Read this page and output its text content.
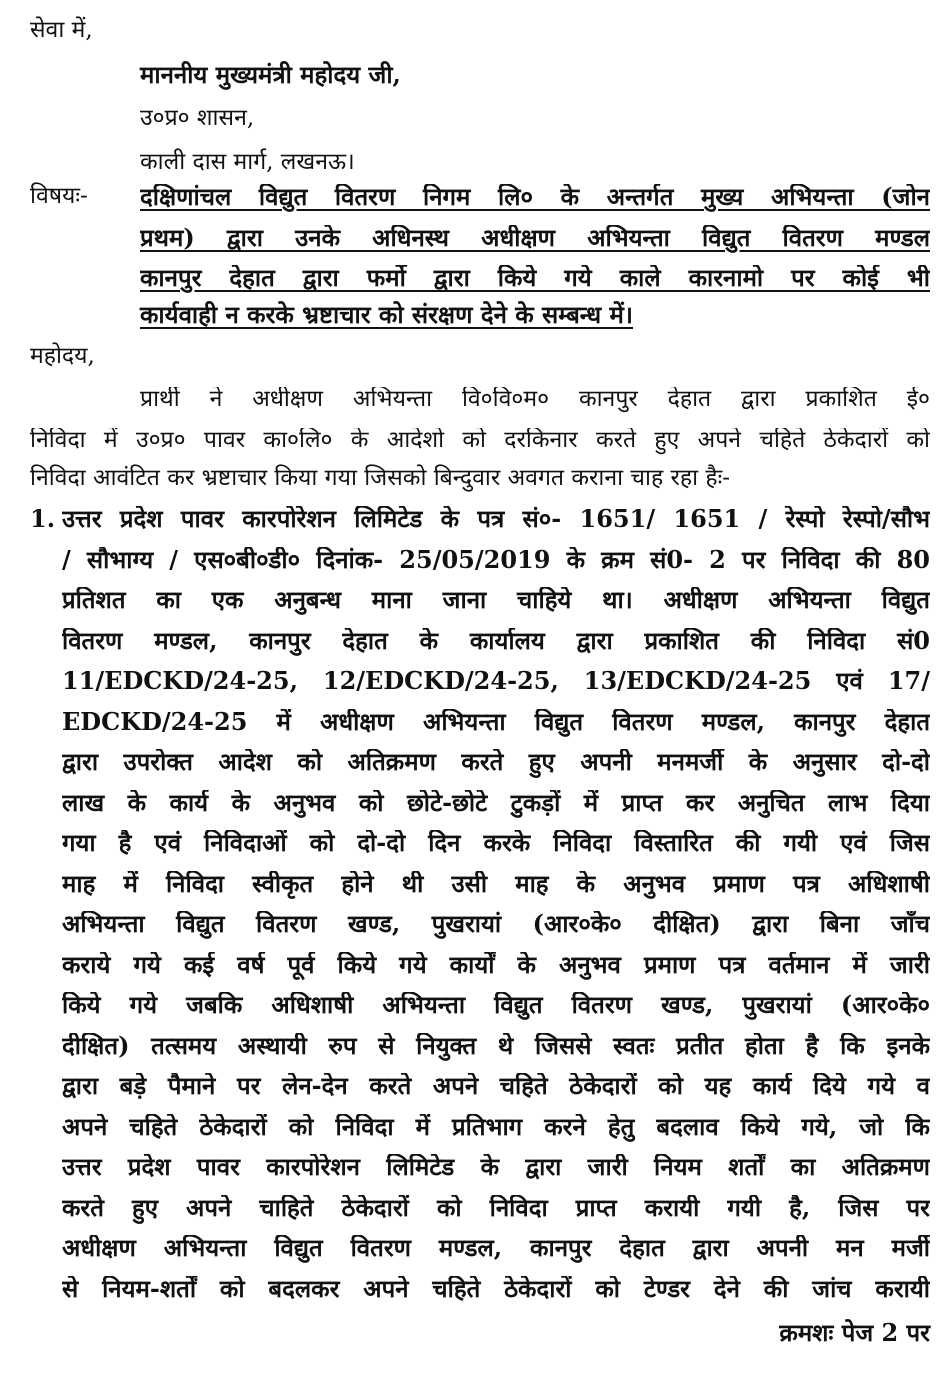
सेवा में,
माननीय मुख्यमंत्री महोदय जी,
उ०प्र० शासन,
काली दास मार्ग, लखनऊ।
विषयः- दक्षिणांचल विद्युत वितरण निगम लि० के अन्तर्गत मुख्य अभियन्ता (जोन
प्रथम) द्वारा उनके अधिनस्थ अधीक्षण अभियन्ता विद्युत वितरण मण्डल
कानपुर देहात द्वारा फर्मो द्वारा किये गये काले कारनामो पर कोई भी
कार्यवाही न करके भ्रष्टाचार को संरक्षण देने के सम्बन्ध में।
महोदय,
प्रार्थी ने अधीक्षण अभियन्ता वि०वि०म० कानपुर देहात द्वारा प्रकाशित ई०
निविदा में उ०प्र० पावर का०लि० के आदेशो को दरकिनार करते हुए अपने चहिते ठेकेदारों को
निविदा आवंटित कर भ्रष्टाचार किया गया जिसको बिन्दुवार अवगत कराना चाह रहा हैः-
1. उत्तर प्रदेश पावर कारपोरेशन लिमिटेड के पत्र सं०- 1651/ 1651 / रेस्पो रेस्पो/सौभ
/ सौभाग्य / एस०बी०डी० दिनांक- 25/05/2019 के क्रम सं0- 2 पर निविदा की 80
प्रतिशत का एक अनुबन्ध माना जाना चाहिये था। अधीक्षण अभियन्ता विद्युत
वितरण मण्डल, कानपुर देहात के कार्यालय द्वारा प्रकाशित की निविदा सं0
11/EDCKD/24-25, 12/EDCKD/24-25, 13/EDCKD/24-25 एवं 17/
EDCKD/24-25 में अधीक्षण अभियन्ता विद्युत वितरण मण्डल, कानपुर देहात
द्वारा उपरोक्त आदेश को अतिक्रमण करते हुए अपनी मनमर्जी के अनुसार दो-दो
लाख के कार्य के अनुभव को छोटे-छोटे टुकड़ों में प्राप्त कर अनुचित लाभ दिया
गया है एवं निविदाओं को दो-दो दिन करके निविदा विस्तारित की गयी एवं जिस
माह में निविदा स्वीकृत होने थी उसी माह के अनुभव प्रमाण पत्र अधिशाषी
अभियन्ता विद्युत वितरण खण्ड, पुखरायां (आर०के० दीक्षित) द्वारा बिना जाँच
कराये गये कई वर्ष पूर्व किये गये कार्यों के अनुभव प्रमाण पत्र वर्तमान में जारी
किये गये जबकि अधिशाषी अभियन्ता विद्युत वितरण खण्ड, पुखरायां (आर०के०
दीक्षित) तत्समय अस्थायी रुप से नियुक्त थे जिससे स्वतः प्रतीत होता है कि इनके
द्वारा बड़े पैमाने पर लेन-देन करते अपने चहिते ठेकेदारों को यह कार्य दिये गये व
अपने चहिते ठेकेदारों को निविदा में प्रतिभाग करने हेतु बदलाव किये गये, जो कि
उत्तर प्रदेश पावर कारपोरेशन लिमिटेड के द्वारा जारी नियम शर्तों का अतिक्रमण
करते हुए अपने चाहिते ठेकेदारों को निविदा प्राप्त करायी गयी है, जिस पर
अधीक्षण अभियन्ता विद्युत वितरण मण्डल, कानपुर देहात द्वारा अपनी मन मर्जी
से नियम-शर्तों को बदलकर अपने चहिते ठेकेदारों को टेण्डर देने की जांच करायी
क्रमशः पेज 2 पर
